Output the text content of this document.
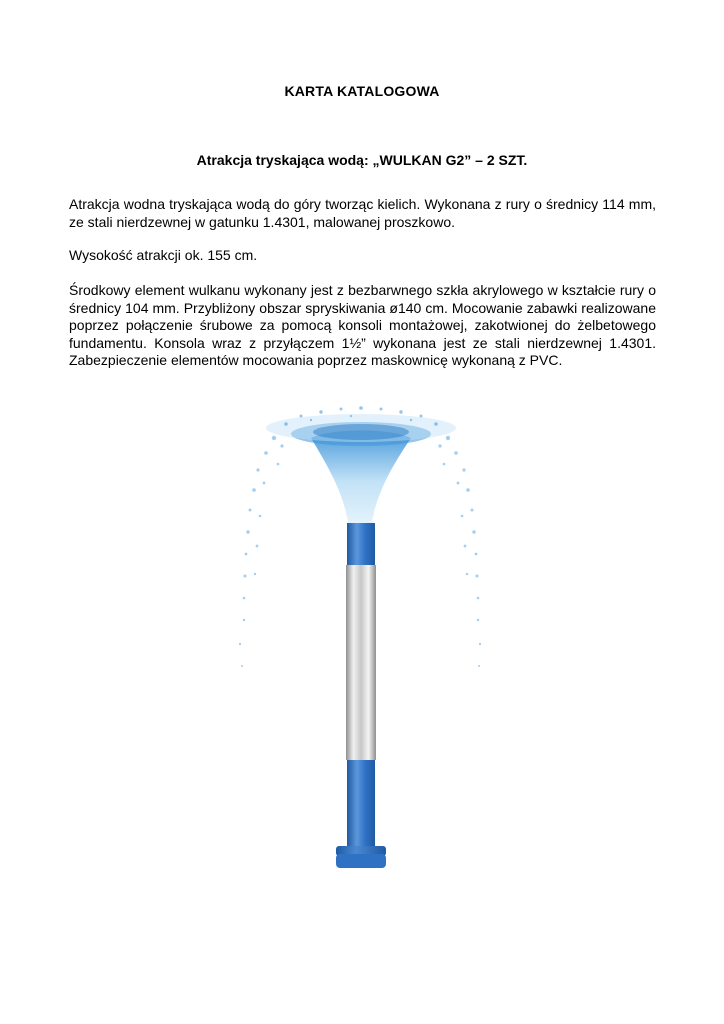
KARTA KATALOGOWA
Atrakcja tryskająca wodą: „WULKAN G2” – 2 SZT.

Atrakcja wodna tryskająca wodą do góry tworząc kielich. Wykonana z rury o średnicy 114 mm, ze stali nierdzewnej w gatunku 1.4301, malowanej proszkowo.

Wysokość atrakcji ok. 155 cm.

Środkowy element wulkanu wykonany jest z bezbarwnego szkła akrylowego w kształcie rury o średnicy 104 mm. Przybliżony obszar spryskiwania ø140 cm. Mocowanie zabawki realizowane poprzez połączenie śrubowe za pomocą konsoli montażowej, zakotwionej do żelbetowego fundamentu. Konsola wraz z przyłączem 1½” wykonana jest ze stali nierdzewnej 1.4301. Zabezpieczenie elementów mocowania poprzez maskownicę wykonaną z PVC.
